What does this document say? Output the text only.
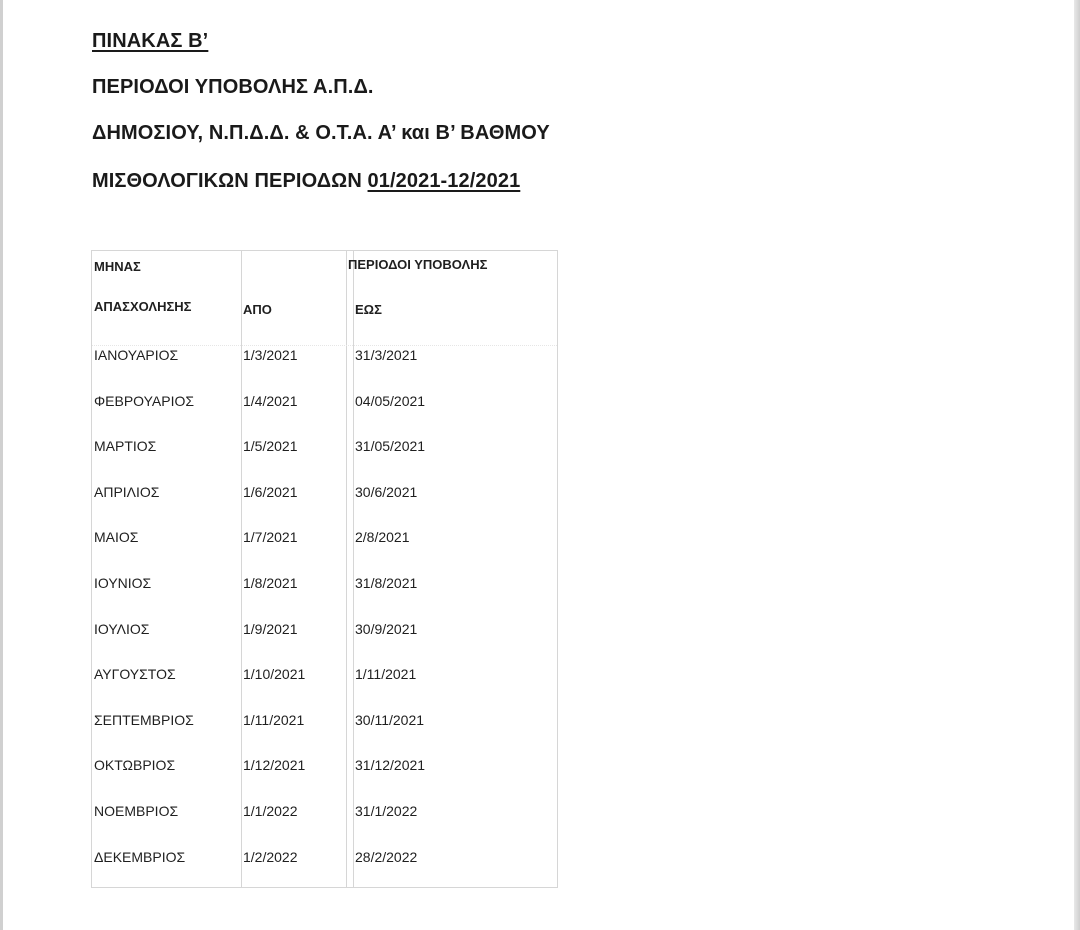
ΠΙΝΑΚΑΣ Β’
ΠΕΡΙΟΔΟΙ ΥΠΟΒΟΛΗΣ Α.Π.Δ.
ΔΗΜΟΣΙΟΥ, Ν.Π.Δ.Δ. & Ο.Τ.Α. Α’ και Β’ ΒΑΘΜΟΥ
ΜΙΣΘΟΛΟΓΙΚΩΝ ΠΕΡΙΟΔΩΝ 01/2021-12/2021
ΜΗΝΑΣ	ΠΕΡΙΟΔΟΙ ΥΠΟΒΟΛΗΣ
ΑΠΑΣΧΟΛΗΣΗΣ	ΑΠΟ	ΕΩΣ
ΙΑΝΟΥΑΡΙΟΣ	1/3/2021	31/3/2021
ΦΕΒΡΟΥΑΡΙΟΣ	1/4/2021	04/05/2021
ΜΑΡΤΙΟΣ	1/5/2021	31/05/2021
ΑΠΡΙΛΙΟΣ	1/6/2021	30/6/2021
ΜΑΙΟΣ	1/7/2021	2/8/2021
ΙΟΥΝΙΟΣ	1/8/2021	31/8/2021
ΙΟΥΛΙΟΣ	1/9/2021	30/9/2021
ΑΥΓΟΥΣΤΟΣ	1/10/2021	1/11/2021
ΣΕΠΤΕΜΒΡΙΟΣ	1/11/2021	30/11/2021
ΟΚΤΩΒΡΙΟΣ	1/12/2021	31/12/2021
ΝΟΕΜΒΡΙΟΣ	1/1/2022	31/1/2022
ΔΕΚΕΜΒΡΙΟΣ	1/2/2022	28/2/2022
